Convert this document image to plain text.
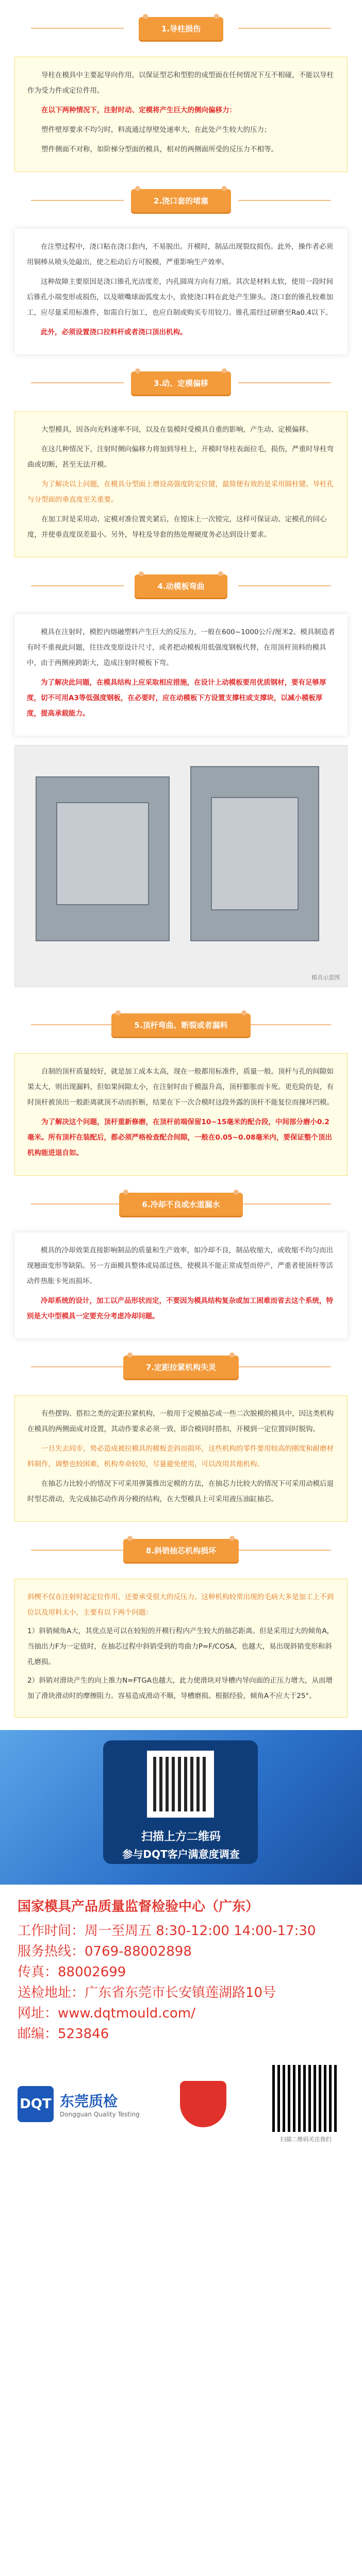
1.导柱损伤

导柱在模具中主要起导向作用，以保证型芯和型腔的成型面在任何情况下互不相碰，不能以导柱作为受力件或定位件用。

在以下两种情况下，注射时动、定模将产生巨大的侧向偏移力：

塑件壁厚要求不均匀时，料流通过厚壁处速率大，在此处产生较大的压力；

塑件侧面不对称，如阶梯分型面的模具，相对的两侧面所受的反压力不相等。

2.浇口套的堵塞

在注塑过程中，浇口粘在浇口套内，不易脱出。开模时，制品出现裂纹损伤。此外，操作者必须用铜棒从喷头处敲出，使之松动后方可脱模，严重影响生产效率。

这种故障主要原因是浇口锥孔光洁度差，内孔圆周方向有刀痕。其次是材料太软，使用一段时间后锥孔小端变形或损伤，以及喷嘴球面弧度太小，致使浇口料在此处产生铆头。浇口套的锥孔较难加工，应尽量采用标准件，如需自行加工，也应自制或购买专用铰刀。锥孔需经过研磨至Ra0.4以下。

此外，必须设置浇口拉料杆或者浇口顶出机构。

3.动、定模偏移

大型模具，因各向充料速率不同，以及在装模时受模具自重的影响，产生动、定模偏移。

在这几种情况下，注射时侧向偏移力将加到导柱上，开模时导柱表面拉毛，损伤，严重时导柱弯曲或切断，甚至无法开模。

为了解决以上问题，在模具分型面上增设高强度防定位键，最简便有效的是采用圆柱键。导柱孔与分型面的垂直度至关重要。

在加工时是采用动、定模对准位置夹紧后，在镗床上一次镗完，这样可保证动、定模孔的同心度，并使垂直度误差最小。另外，导柱及导套的热处理硬度务必达到设计要求。

4.动模板弯曲

模具在注射时，模腔内熔融塑料产生巨大的反压力，一般在600~1000公斤/厘米2。模具制造者有时不重视此问题，往往改变原设计尺寸，或者把动模板用低强度钢板代替，在用顶杆顶料的模具中，由于两侧座跨距大，造成注射时模板下弯。

为了解决此问题，在模具结构上应采取相应措施，在设计上动模板要用优质钢材，要有足够厚度，切不可用A3等低强度钢板，在必要时，应在动模板下方设置支撑柱或支撑块，以减小模板厚度，提高承载能力。

模具示意图
5.顶杆弯曲、断裂或者漏料

自制的顶杆质量较好，就是加工成本太高，现在一般都用标准件，质量一般。顶杆与孔的间隙如果太大，则出现漏料，但如果间隙太小，在注射时由于模温升高，顶杆膨胀而卡死。更危险的是，有时顶杆被顶出一般距离就顶不动而折断，结果在下一次合模时这段外露的顶杆不能复位而撞坏凹模。

为了解决这个问题，顶杆重新修磨，在顶杆前端保留10~15毫米的配合段，中间部分磨小0.2毫米。所有顶杆在装配后，都必须严格检查配合间隙，一般在0.05~0.08毫米内，要保证整个顶出机构能进退自如。

6.冷却不良或水道漏水

模具的冷却效果直接影响制品的质量和生产效率，如冷却不良，制品收缩大，或收缩不均匀而出现翘面变形等缺陷。另一方面模具整体或局部过热，使模具不能正常成型而停产，严重者使顶杆等活动件热胀卡死而损坏。

冷却系统的设计，加工以产品形状而定，不要因为模具结构复杂或加工困难而省去这个系统，特别是大中型模具一定要充分考虑冷却问题。

7.定距拉紧机构失灵

有些摆钩、搭扣之类的定距拉紧机构，一般用于定模抽芯或一些二次脱模的模具中，因这类机构在模具的两侧面成对设置，其动作要求必须一致，即合模同时搭扣，开模到一定位置同时脱钩。

一旦失去同步，势必造成被拉模具的模板歪斜而损坏，这些机构的零件要用较高的刚度和耐磨材料制作，调整也较困难，机构寿命较短，尽量避免使用，可以改用其他机构。

在抽芯力比较小的情况下可采用弹簧推出定模的方法，在抽芯力比较大的情况下可采用动模后退时型芯滑动，先完成抽芯动作再分模的结构，在大型模具上可采用液压油缸抽芯。

8.斜销抽芯机构损坏

斜楔不仅在注射时起定位作用，还要承受很大的反压力。这种机构较常出现的毛病大多是加工上不到位以及用料太小，主要有以下两个问题：

1）斜销倾角A大，其优点是可以在较短的开模行程内产生较大的抽芯距离。但是采用过大的倾角A，当抽出力F为一定值时，在抽芯过程中斜销受到的弯曲力P=F/COSA，也越大，易出现斜销变形和斜孔磨损。

2）斜销对滑块产生的向上推力N=FTGA也越大，此力使滑块对导槽内导向面的正压力增大，从而增加了滑块滑动时的摩擦阻力。容易造成滑动不顺，导槽磨损。根据经验，倾角A不应大于25°。

扫描上方二维码
参与DQT客户满意度调查
国家模具产品质量监督检验中心（广东）
工作时间：周一至周五 8:30-12:00 14:00-17:30
服务热线：0769-88002898
传真：88002699
送检地址：广东省东莞市长安镇莲湖路10号
网址：www.dqtmould.com/
邮编：523846
DQT 东莞质检
Dongguan Quality Testing
扫描二维码关注我们
